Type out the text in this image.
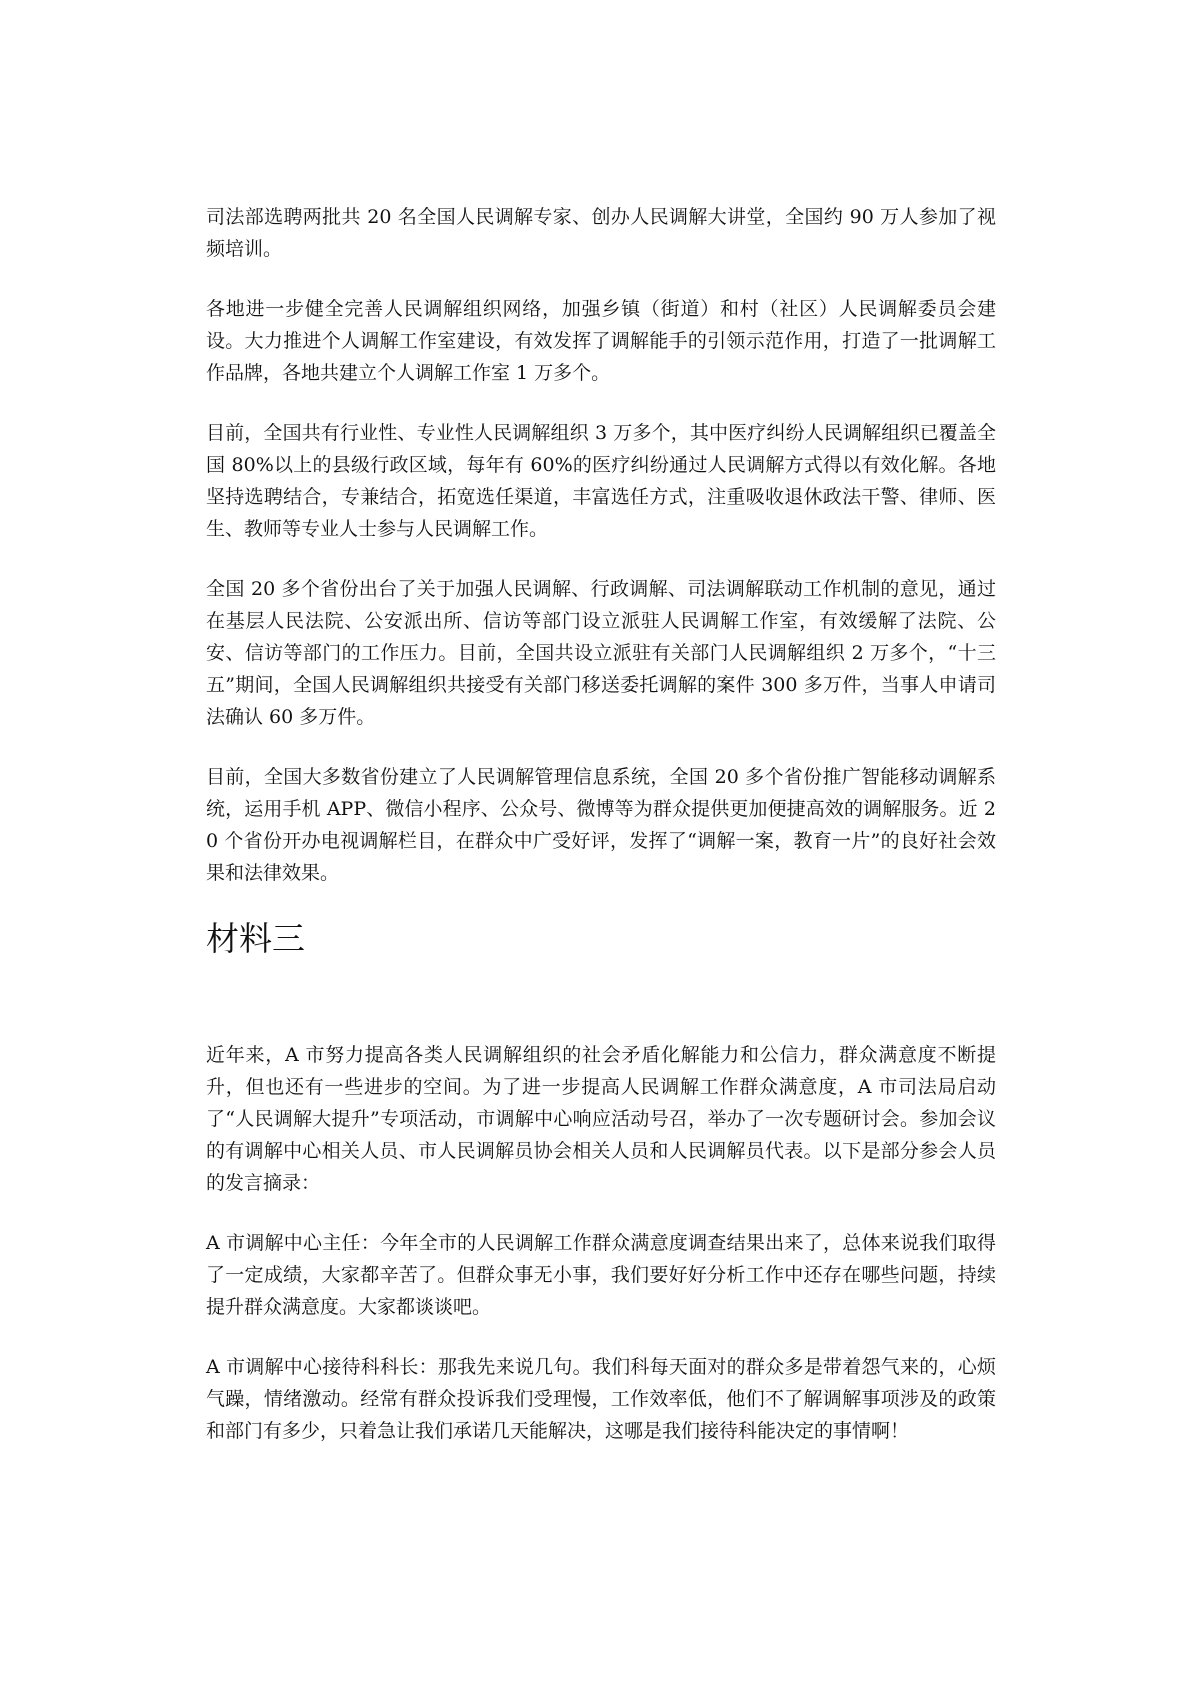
司法部选聘两批共 20 名全国人民调解专家、创办人民调解大讲堂，全国约 90 万人参加了视频培训。

各地进一步健全完善人民调解组织网络，加强乡镇（街道）和村（社区）人民调解委员会建设。大力推进个人调解工作室建设，有效发挥了调解能手的引领示范作用，打造了一批调解工作品牌，各地共建立个人调解工作室 1 万多个。

目前，全国共有行业性、专业性人民调解组织 3 万多个，其中医疗纠纷人民调解组织已覆盖全国 80%以上的县级行政区域，每年有 60%的医疗纠纷通过人民调解方式得以有效化解。各地坚持选聘结合，专兼结合，拓宽选任渠道，丰富选任方式，注重吸收退休政法干警、律师、医生、教师等专业人士参与人民调解工作。

全国 20 多个省份出台了关于加强人民调解、行政调解、司法调解联动工作机制的意见，通过在基层人民法院、公安派出所、信访等部门设立派驻人民调解工作室，有效缓解了法院、公安、信访等部门的工作压力。目前，全国共设立派驻有关部门人民调解组织 2 万多个，“十三五”期间，全国人民调解组织共接受有关部门移送委托调解的案件 300 多万件，当事人申请司法确认 60 多万件。

目前，全国大多数省份建立了人民调解管理信息系统，全国 20 多个省份推广智能移动调解系统，运用手机 APP、微信小程序、公众号、微博等为群众提供更加便捷高效的调解服务。近 20 个省份开办电视调解栏目，在群众中广受好评，发挥了“调解一案，教育一片”的良好社会效果和法律效果。

材料三

近年来，A 市努力提高各类人民调解组织的社会矛盾化解能力和公信力，群众满意度不断提升，但也还有一些进步的空间。为了进一步提高人民调解工作群众满意度，A 市司法局启动了“人民调解大提升”专项活动，市调解中心响应活动号召，举办了一次专题研讨会。参加会议的有调解中心相关人员、市人民调解员协会相关人员和人民调解员代表。以下是部分参会人员的发言摘录：

A 市调解中心主任：今年全市的人民调解工作群众满意度调查结果出来了，总体来说我们取得了一定成绩，大家都辛苦了。但群众事无小事，我们要好好分析工作中还存在哪些问题，持续提升群众满意度。大家都谈谈吧。

A 市调解中心接待科科长：那我先来说几句。我们科每天面对的群众多是带着怨气来的，心烦气躁，情绪激动。经常有群众投诉我们受理慢，工作效率低，他们不了解调解事项涉及的政策和部门有多少，只着急让我们承诺几天能解决，这哪是我们接待科能决定的事情啊！
